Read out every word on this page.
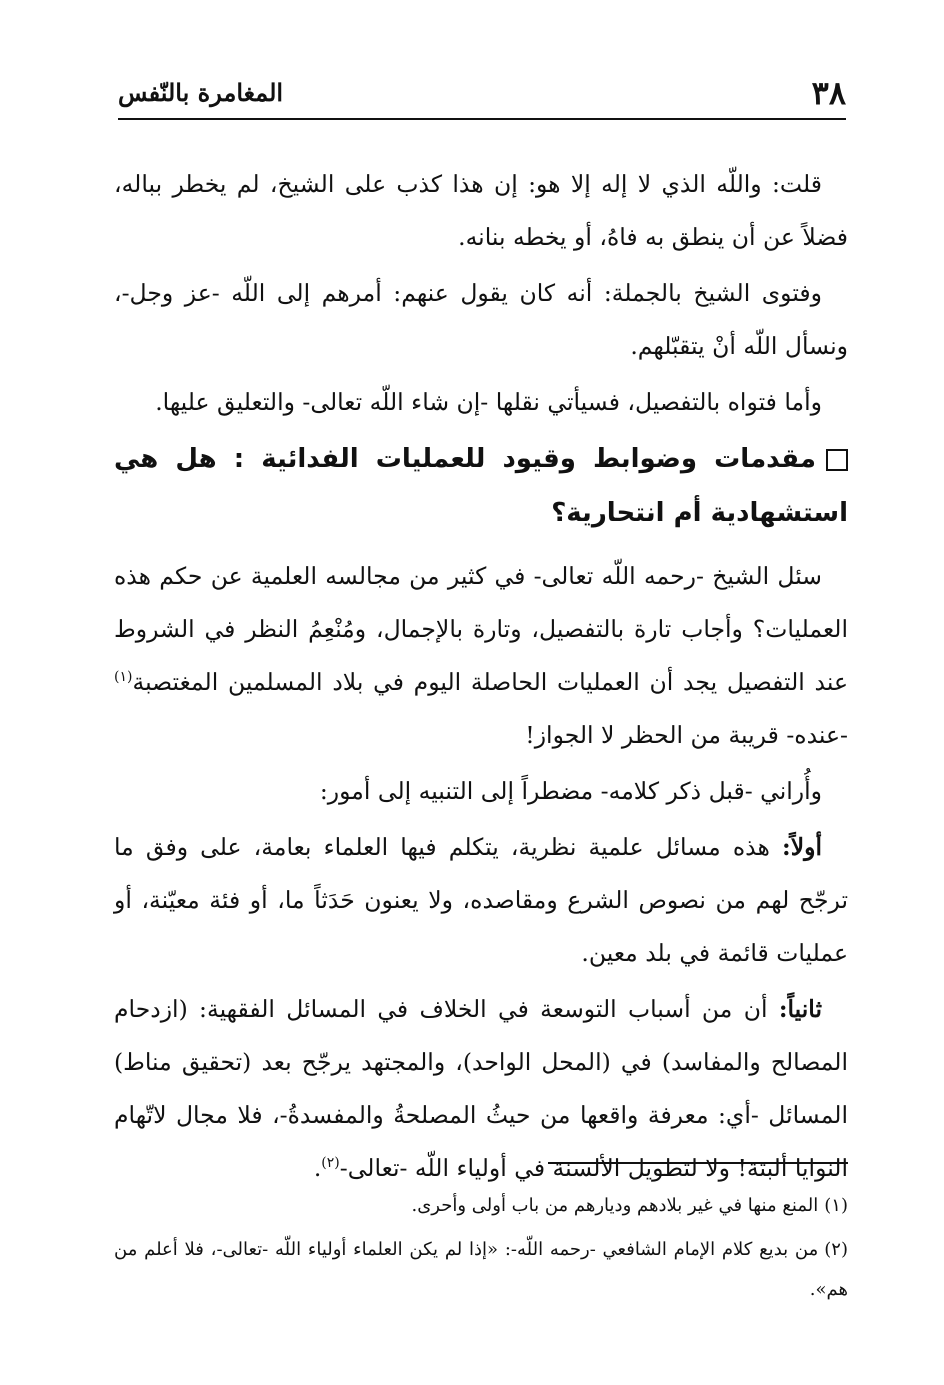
٣٨
المغامرة بالنّفس

قلت: واللّه الذي لا إله إلا هو: إن هذا كذب على الشيخ، لم يخطر بباله، فضلاً عن أن ينطق به فاهُ، أو يخطه بنانه.

وفتوى الشيخ بالجملة: أنه كان يقول عنهم: أمرهم إلى اللّه -عز وجل-، ونسأل اللّه أنْ يتقبّلهم.

وأما فتواه بالتفصيل، فسيأتي نقلها -إن شاء اللّه تعالى- والتعليق عليها.

مقدمات وضوابط وقيود للعمليات الفدائية : هل هي استشهادية أم انتحارية؟

سئل الشيخ -رحمه اللّه تعالى- في كثير من مجالسه العلمية عن حكم هذه العمليات؟ وأجاب تارة بالتفصيل، وتارة بالإجمال، ومُنْعِمُ النظر في الشروط عند التفصيل يجد أن العمليات الحاصلة اليوم في بلاد المسلمين المغتصبة$^{(١)}$ -عنده- قريبة من الحظر لا الجواز!

وأُراني -قبل ذكر كلامه- مضطراً إلى التنبيه إلى أمور:

أولاً: هذه مسائل علمية نظرية، يتكلم فيها العلماء بعامة، على وفق ما ترجّح لهم من نصوص الشرع ومقاصده، ولا يعنون حَدَثاً ما، أو فئة معيّنة، أو عمليات قائمة في بلد معين.

ثانياً: أن من أسباب التوسعة في الخلاف في المسائل الفقهية: (ازدحام المصالح والمفاسد) في (المحل الواحد)، والمجتهد يرجّح بعد (تحقيق مناط) المسائل -أي: معرفة واقعها من حيثُ المصلحةُ والمفسدةُ-، فلا مجال لاتّهام النوايا ألبتة! ولا لتطويل الألسنة في أولياء اللّه -تعالى-$^{(٢)}$.

(١)المنع منها في غير بلادهم وديارهم من باب أولى وأحرى.

(٢)من بديع كلام الإمام الشافعي -رحمه اللّه-: «إذا لم يكن العلماء أولياء اللّه -تعالى-، فلا أعلم من هم».
